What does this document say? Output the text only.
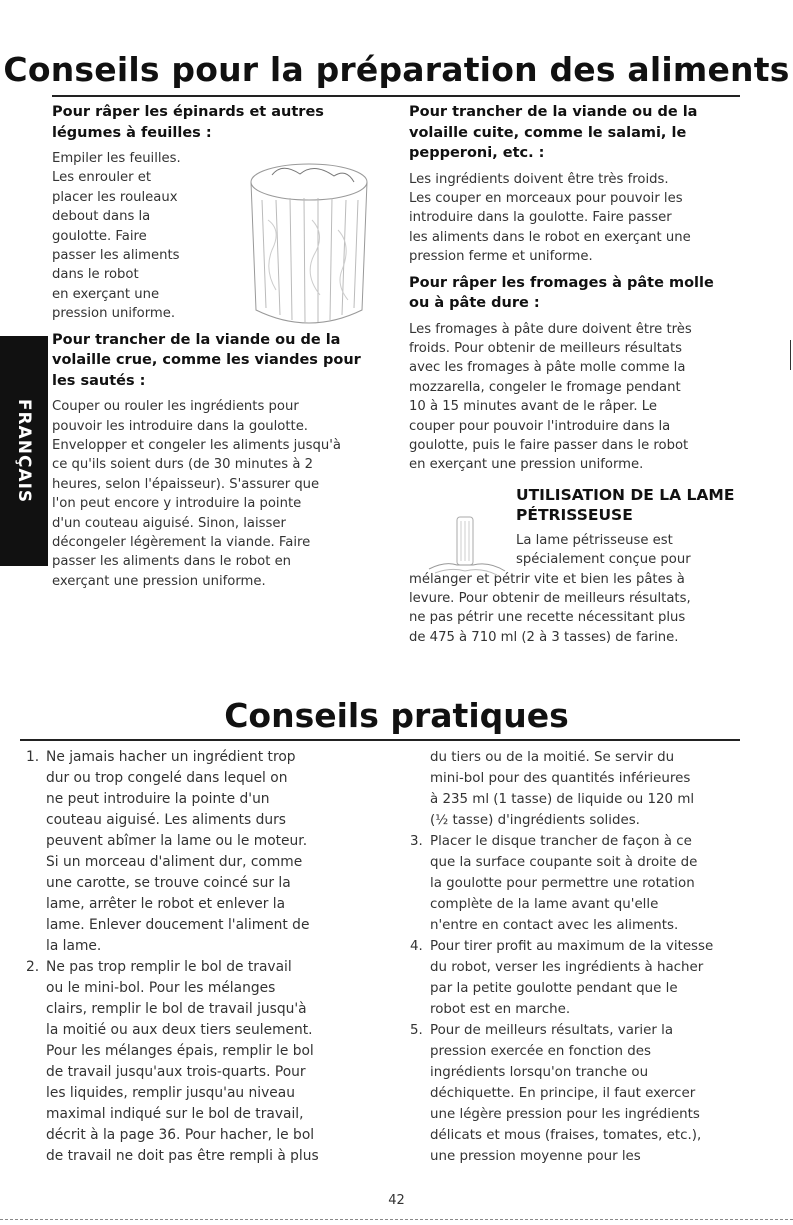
Conseils pour la préparation des aliments
FRANÇAIS

Pour râper les épinards et autres

légumes à feuilles :

Empiler les feuilles.

Les enrouler et

placer les rouleaux

debout dans la

goulotte. Faire

passer les aliments

dans le robot

en exerçant une

pression uniforme.

Pour trancher de la viande ou de la

volaille crue, comme les viandes pour

les sautés :

Couper ou rouler les ingrédients pour

pouvoir les introduire dans la goulotte.

Envelopper et congeler les aliments jusqu'à

ce qu'ils soient durs (de 30 minutes à 2

heures, selon l'épaisseur). S'assurer que

l'on peut encore y introduire la pointe

d'un couteau aiguisé. Sinon, laisser

décongeler légèrement la viande. Faire

passer les aliments dans le robot en

exerçant une pression uniforme.

Pour trancher de la viande ou de la

volaille cuite, comme le salami, le

pepperoni, etc. :

Les ingrédients doivent être très froids.

Les couper en morceaux pour pouvoir les

introduire dans la goulotte. Faire passer

les aliments dans le robot en exerçant une

pression ferme et uniforme.

Pour râper les fromages à pâte molle

ou à pâte dure :

Les fromages à pâte dure doivent être très

froids. Pour obtenir de meilleurs résultats

avec les fromages à pâte molle comme la

mozzarella, congeler le fromage pendant

10 à 15 minutes avant de le râper. Le

couper pour pouvoir l'introduire dans la

goulotte, puis le faire passer dans le robot

en exerçant une pression uniforme.

UTILISATION DE LA LAME

PÉTRISSEUSE

La lame pétrisseuse est

spécialement conçue pour

mélanger et pétrir vite et bien les pâtes à

levure. Pour obtenir de meilleurs résultats,

ne pas pétrir une recette nécessitant plus

de 475 à 710 ml (2 à 3 tasses) de farine.

Conseils pratiques
1. Ne jamais hacher un ingrédient trop
dur ou trop congelé dans lequel on
ne peut introduire la pointe d'un
couteau aiguisé. Les aliments durs
peuvent abîmer la lame ou le moteur.
Si un morceau d'aliment dur, comme
une carotte, se trouve coincé sur la
lame, arrêter le robot et enlever la
lame. Enlever doucement l'aliment de
la lame.
2. Ne pas trop remplir le bol de travail
ou le mini-bol. Pour les mélanges
clairs, remplir le bol de travail jusqu'à
la moitié ou aux deux tiers seulement.
Pour les mélanges épais, remplir le bol
de travail jusqu'aux trois-quarts. Pour
les liquides, remplir jusqu'au niveau
maximal indiqué sur le bol de travail,
décrit à la page 36. Pour hacher, le bol
de travail ne doit pas être rempli à plus
du tiers ou de la moitié. Se servir du
mini-bol pour des quantités inférieures
à 235 ml (1 tasse) de liquide ou 120 ml
(½ tasse) d'ingrédients solides.
3. Placer le disque trancher de façon à ce
que la surface coupante soit à droite de
la goulotte pour permettre une rotation
complète de la lame avant qu'elle
n'entre en contact avec les aliments.
4. Pour tirer profit au maximum de la vitesse
du robot, verser les ingrédients à hacher
par la petite goulotte pendant que le
robot est en marche.
5. Pour de meilleurs résultats, varier la
pression exercée en fonction des
ingrédients lorsqu'on tranche ou
déchiquette. En principe, il faut exercer
une légère pression pour les ingrédients
délicats et mous (fraises, tomates, etc.),
une pression moyenne pour les
42
